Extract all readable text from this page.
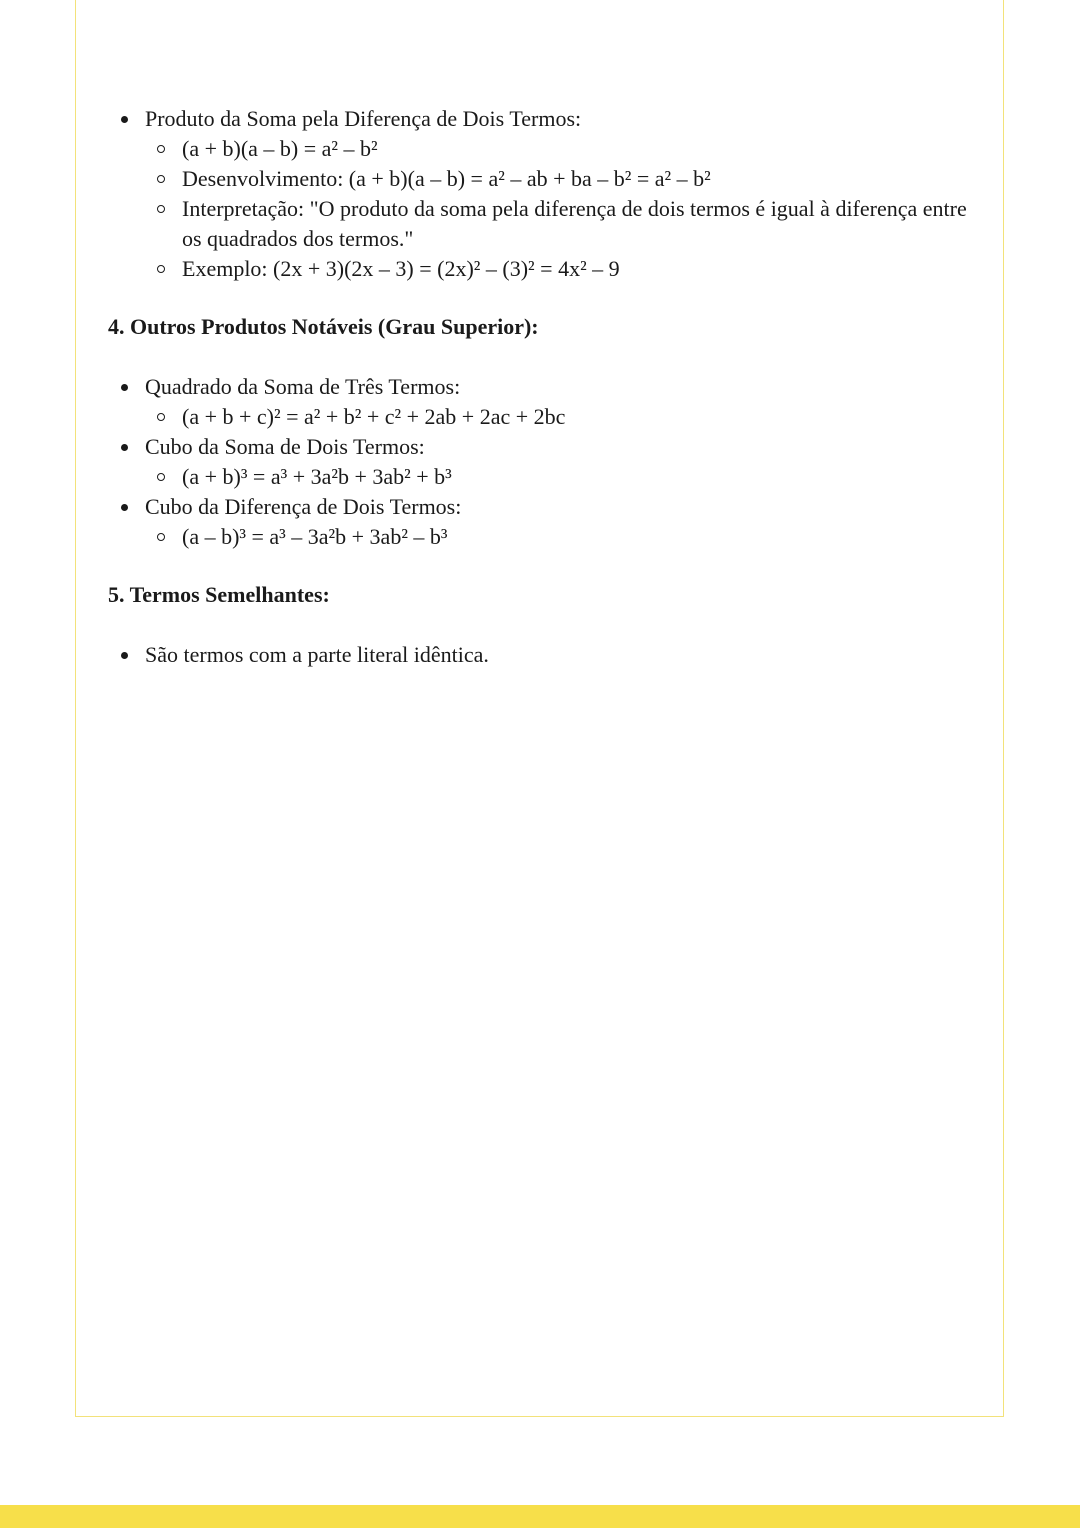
Produto da Soma pela Diferença de Dois Termos:
(a + b)(a – b) = a² – b²
Desenvolvimento: (a + b)(a – b) = a² – ab + ba – b² = a² – b²
Interpretação: "O produto da soma pela diferença de dois termos é igual à diferença entre os quadrados dos termos."
Exemplo: (2x + 3)(2x – 3) = (2x)² – (3)² = 4x² – 9
4. Outros Produtos Notáveis (Grau Superior):
Quadrado da Soma de Três Termos:
(a + b + c)² = a² + b² + c² + 2ab + 2ac + 2bc
Cubo da Soma de Dois Termos:
(a + b)³ = a³ + 3a²b + 3ab² + b³
Cubo da Diferença de Dois Termos:
(a – b)³ = a³ – 3a²b + 3ab² – b³
5. Termos Semelhantes:
São termos com a parte literal idêntica.
